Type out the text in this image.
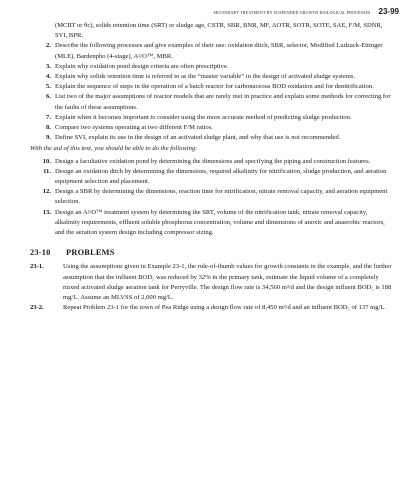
SECONDARY TREATMENT BY SUSPENDED GROWTH BIOLOGICAL PROCESSES 23-99
(MCRT or θc), solids retention time (SRT) or sludge age, CSTR, SBR, BNR, MF, AOTR, SOTR, SOTE, SAE, F/M, SDNR, SVI, BPR.
2. Describe the following processes and give examples of their use: oxidation ditch, SBR, selector, Modified Ludzack-Ettinger (MLE), Bardenpho (4-stage), A²/O™, MBR.
3. Explain why oxidation pond design criteria are often prescriptive.
4. Explain why solids retention time is referred to as the “master variable” in the design of activated sludge systems.
5. Explain the sequence of steps in the operation of a batch reactor for carbonaceous BOD oxidation and for denitrification.
6. List two of the major assumptions of reactor models that are rarely met in practice and explain some methods for correcting for the faults of these assumptions.
7. Explain when it becomes important to consider using the more accurate method of predicting sludge production.
8. Compare two systems operating at two different F/M ratios.
9. Define SVI, explain its use in the design of an activated sludge plant, and why that use is not recommended.
With the aid of this text, you should be able to do the following:
10. Design a facultative oxidation pond by determining the dimensions and specifying the piping and construction features.
11. Design an oxidation ditch by determining the dimensions, required alkalinity for nitrification, sludge production, and aeration equipment selection and placement.
12. Design a SBR by determining the dimensions, reaction time for nitrification, nitrate removal capacity, and aeration equipment selection.
13. Design an A²/O™ treatment system by determining the SRT, volume of the nitrification tank, nitrate removal capacity, alkalinity requirements, effluent soluble phosphorus concentration, volume and dimensions of anoxic and anaerobic reactors, and the aeration system design including compressor sizing.
23-10	PROBLEMS
23-1.	Using the assumptions given in Example 23-1, the rule-of-thumb values for growth constants in the example, and the further assumption that the influent BOD₅ was reduced by 32% in the primary tank, estimate the liquid volume of a completely mixed activated sludge aeration tank for Perryville. The design flow rate is 34,560 m³/d and the design influent BOD₅ is 188 mg/L. Assume an MLVSS of 2,000 mg/L.
23-2.	Repeat Problem 23-1 for the town of Pea Ridge using a design flow rate of 8,450 m³/d and an influent BOD₅ of 137 mg/L.
